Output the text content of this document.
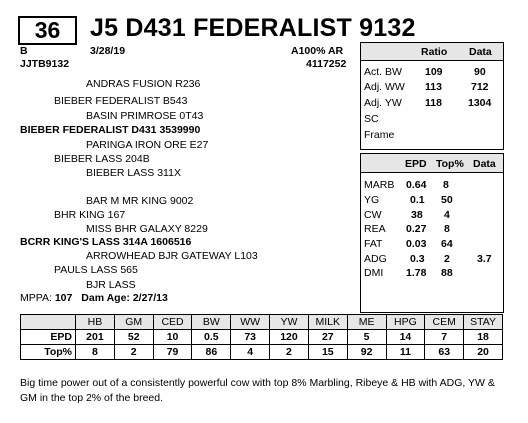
36	J5 D431 FEDERALIST 9132
B	3/28/19
JJTB9132
A100% AR
4117252
ANDRAS FUSION R236
BIEBER FEDERALIST B543
BASIN PRIMROSE 0T43
BIEBER FEDERALIST D431 3539990
PARINGA IRON ORE E27
BIEBER LASS 204B
BIEBER LASS 311X
BAR M MR KING 9002
BHR KING 167
MISS BHR GALAXY 8229
BCRR KING'S LASS 314A 1606516
ARROWHEAD BJR GATEWAY L103
PAULS LASS 565
BJR LASS
MPPA: 107 Dam Age: 2/27/13
Ratio Data
Act. BW 109	90
Adj. WW 113	712
Adj. YW 118 1304
SC
Frame
EPD Top% Data
MARB 0.64 8
YG	0.1 50
CW	38 4
REA 0.27 8
FAT 0.03 64
ADG 0.3 2	3.7
DMI 1.78 88
	HB	GM	CED	BW	WW	YW	MILK	ME	HPG	CEM	STAY
EPD	201	52	10	0.5	73	120	27	5	14	7	18
Top%	8	2	79	86	4	2	15	92	11	63	20
Big time power out of a consistently powerful cow with top 8% Marbling, Ribeye & HB with ADG, YW & GM in the top 2% of the breed.
